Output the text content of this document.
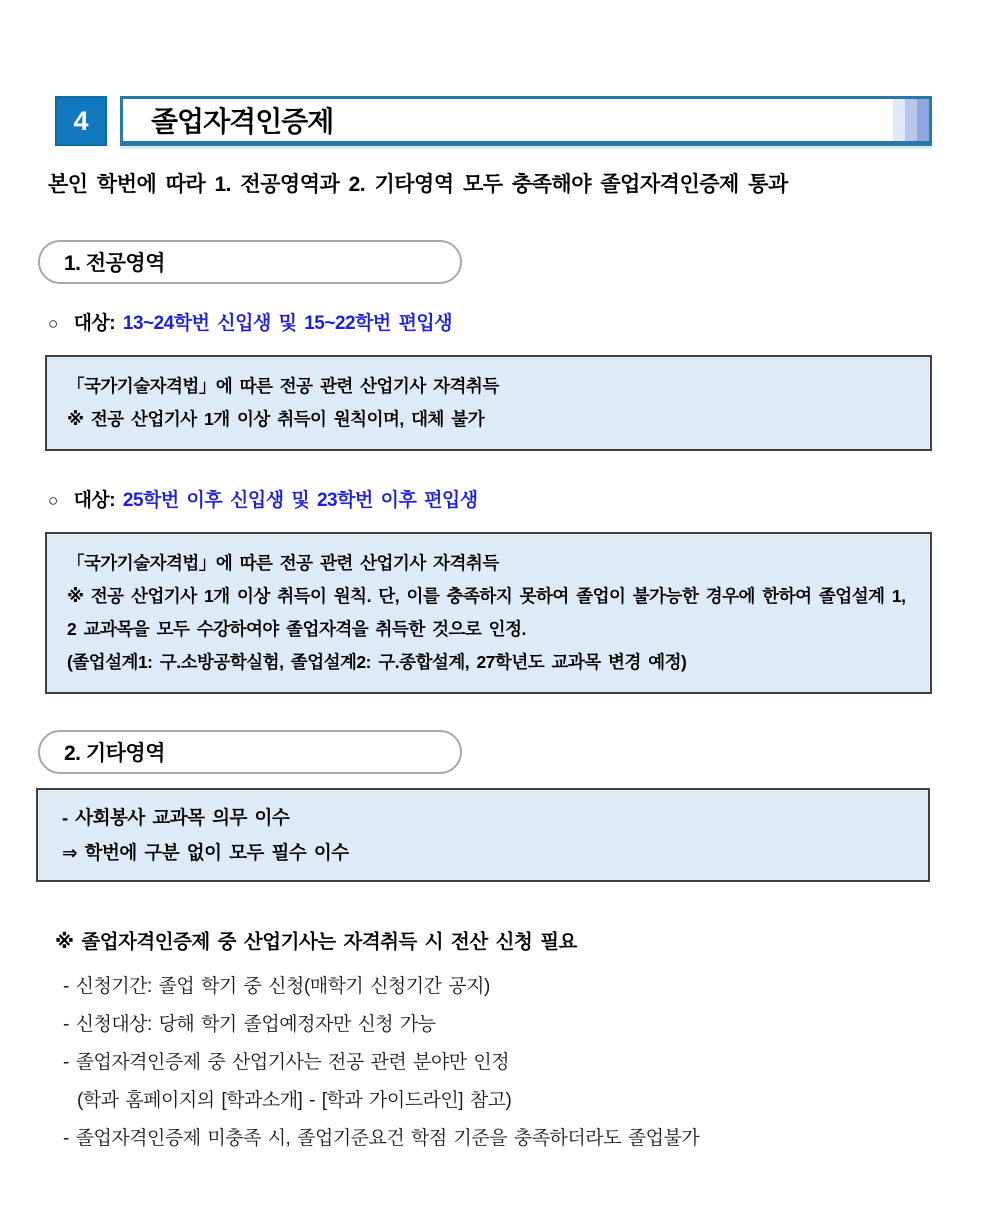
4	졸업자격인증제

본인 학번에 따라 1. 전공영역과 2. 기타영역 모두 충족해야 졸업자격인증제 통과

1. 전공영역

○ 대상: 13~24학번 신입생 및 15~22학번 편입생

「국가기술자격법」에 따른 전공 관련 산업기사 자격취득

※ 전공 산업기사 1개 이상 취득이 원칙이며, 대체 불가

○ 대상: 25학번 이후 신입생 및 23학번 이후 편입생

「국가기술자격법」에 따른 전공 관련 산업기사 자격취득

※ 전공 산업기사 1개 이상 취득이 원칙. 단, 이를 충족하지 못하여 졸업이 불가능한 경우에 한하여 졸업설계 1, 2 교과목을 모두 수강하여야 졸업자격을 취득한 것으로 인정.

(졸업설계1: 구.소방공학실험, 졸업설계2: 구.종합설계, 27학년도 교과목 변경 예정)

2. 기타영역

- 사회봉사 교과목 의무 이수

⇒ 학번에 구분 없이 모두 필수 이수

※ 졸업자격인증제 중 산업기사는 자격취득 시 전산 신청 필요

- 신청기간: 졸업 학기 중 신청(매학기 신청기간 공지)

- 신청대상: 당해 학기 졸업예정자만 신청 가능

- 졸업자격인증제 중 산업기사는 전공 관련 분야만 인정

(학과 홈페이지의 [학과소개] - [학과 가이드라인] 참고)

- 졸업자격인증제 미충족 시, 졸업기준요건 학점 기준을 충족하더라도 졸업불가
